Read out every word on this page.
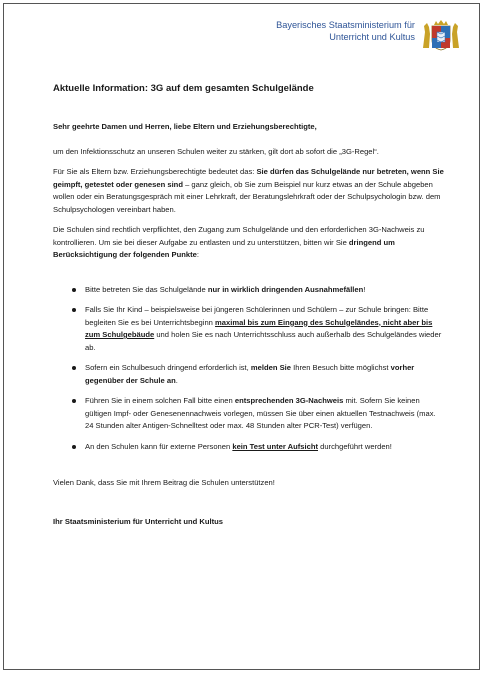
Bayerisches Staatsministerium für
Unterricht und Kultus
Aktuelle Information: 3G auf dem gesamten Schulgelände

Sehr geehrte Damen und Herren, liebe Eltern und Erziehungsberechtigte,

um den Infektionsschutz an unseren Schulen weiter zu stärken, gilt dort ab sofort die „3G-Regel“.

Für Sie als Eltern bzw. Erziehungsberechtigte bedeutet das: Sie dürfen das Schulgelände nur betreten, wenn Sie geimpft, getestet oder genesen sind – ganz gleich, ob Sie zum Beispiel nur kurz etwas an der Schule abgeben wollen oder ein Beratungsgespräch mit einer Lehrkraft, der Beratungslehrkraft oder der Schulpsychologin bzw. dem Schulpsychologen vereinbart haben.

Die Schulen sind rechtlich verpflichtet, den Zugang zum Schulgelände und den erforderlichen 3G-Nachweis zu kontrollieren. Um sie bei dieser Aufgabe zu entlasten und zu unterstützen, bitten wir Sie dringend um Berücksichtigung der folgenden Punkte:

Bitte betreten Sie das Schulgelände nur in wirklich dringenden Ausnahmefällen!
Falls Sie Ihr Kind – beispielsweise bei jüngeren Schülerinnen und Schülern – zur Schule bringen: Bitte begleiten Sie es bei Unterrichtsbeginn maximal bis zum Eingang des Schulgeländes, nicht aber bis zum Schulgebäude und holen Sie es nach Unterrichtsschluss auch außerhalb des Schulgeländes wieder ab.
Sofern ein Schulbesuch dringend erforderlich ist, melden Sie Ihren Besuch bitte möglichst vorher gegenüber der Schule an.
Führen Sie in einem solchen Fall bitte einen entsprechenden 3G-Nachweis mit. Sofern Sie keinen gültigen Impf- oder Genesenennachweis vorlegen, müssen Sie über einen aktuellen Testnachweis (max. 24 Stunden alter Antigen-Schnelltest oder max. 48 Stunden alter PCR-Test) verfügen.
An den Schulen kann für externe Personen kein Test unter Aufsicht durchgeführt werden!

Vielen Dank, dass Sie mit Ihrem Beitrag die Schulen unterstützen!

Ihr Staatsministerium für Unterricht und Kultus
